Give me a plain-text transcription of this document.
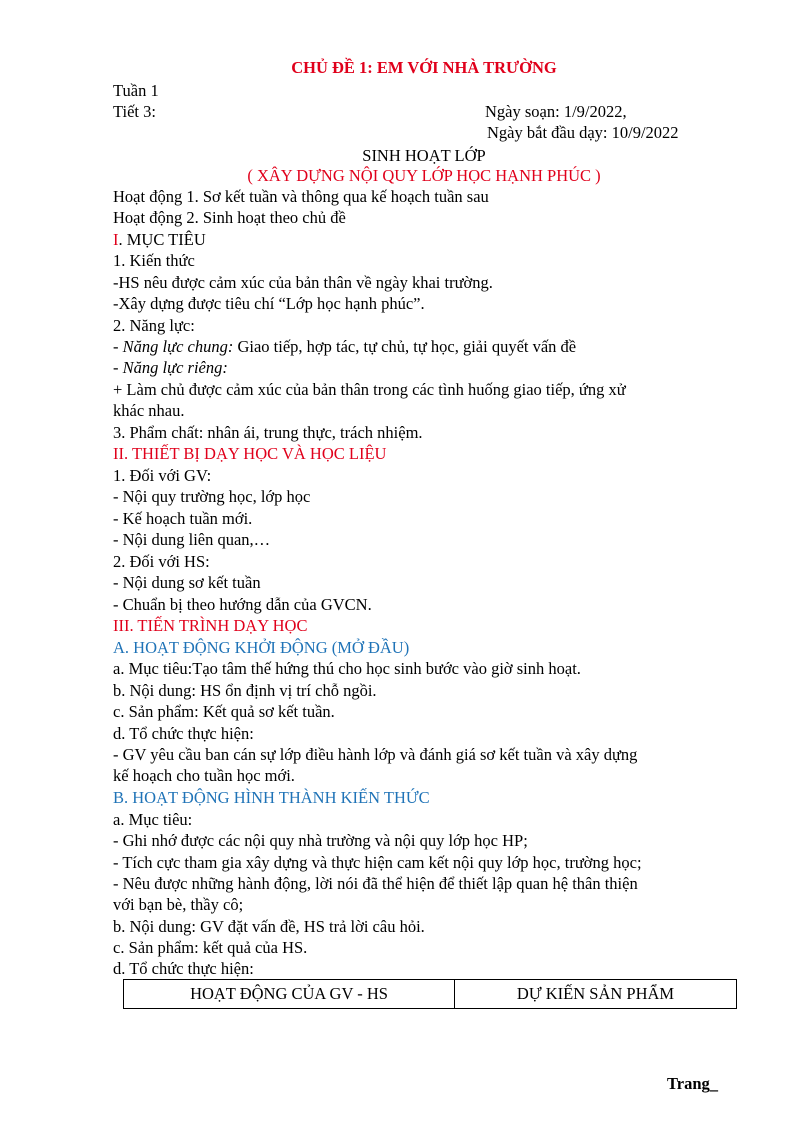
CHỦ ĐỀ 1: EM VỚI NHÀ TRƯỜNG
Tuần 1
Tiết 3:	Ngày soạn: 1/9/2022,
Ngày bắt đầu dạy: 10/9/2022
SINH HOẠT LỚP
( XÂY DỰNG NỘI QUY LỚP HỌC HẠNH PHÚC )
Hoạt động 1. Sơ kết tuần và thông qua kế hoạch tuần sau
Hoạt động 2. Sinh hoạt theo chủ đề
I. MỤC TIÊU
1. Kiến thức
-HS nêu được cảm xúc của bản thân về ngày khai trường.
-Xây dựng được tiêu chí “Lớp học hạnh phúc”.
2. Năng lực:
- Năng lực chung: Giao tiếp, hợp tác, tự chủ, tự học, giải quyết vấn đề
- Năng lực riêng:
+ Làm chủ được cảm xúc của bản thân trong các tình huống giao tiếp, ứng xử
khác nhau.
3. Phẩm chất: nhân ái, trung thực, trách nhiệm.
II. THIẾT BỊ DẠY HỌC VÀ HỌC LIỆU
1. Đối với GV:
- Nội quy trường học, lớp học
- Kế hoạch tuần mới.
- Nội dung liên quan,…
2. Đối với HS:
- Nội dung sơ kết tuần
- Chuẩn bị theo hướng dẫn của GVCN.
III. TIẾN TRÌNH DẠY HỌC
A. HOẠT ĐỘNG KHỞI ĐỘNG (MỞ ĐẦU)
a. Mục tiêu:Tạo tâm thế hứng thú cho học sinh bước vào giờ sinh hoạt.
b. Nội dung: HS ổn định vị trí chỗ ngồi.
c. Sản phẩm: Kết quả sơ kết tuần.
d. Tổ chức thực hiện:
- GV yêu cầu ban cán sự lớp điều hành lớp và đánh giá sơ kết tuần và xây dựng
kế hoạch cho tuần học mới.
B. HOẠT ĐỘNG HÌNH THÀNH KIẾN THỨC
a. Mục tiêu:
- Ghi nhớ được các nội quy nhà trường và nội quy lớp học HP;
- Tích cực tham gia xây dựng và thực hiện cam kết nội quy lớp học, trường học;
- Nêu được những hành động, lời nói đã thể hiện để thiết lập quan hệ thân thiện
với bạn bè, thầy cô;
b. Nội dung: GV đặt vấn đề, HS trả lời câu hỏi.
c. Sản phẩm: kết quả của HS.
d. Tổ chức thực hiện:
HOẠT ĐỘNG CỦA GV - HS	DỰ KIẾN SẢN PHẨM
Trang_
